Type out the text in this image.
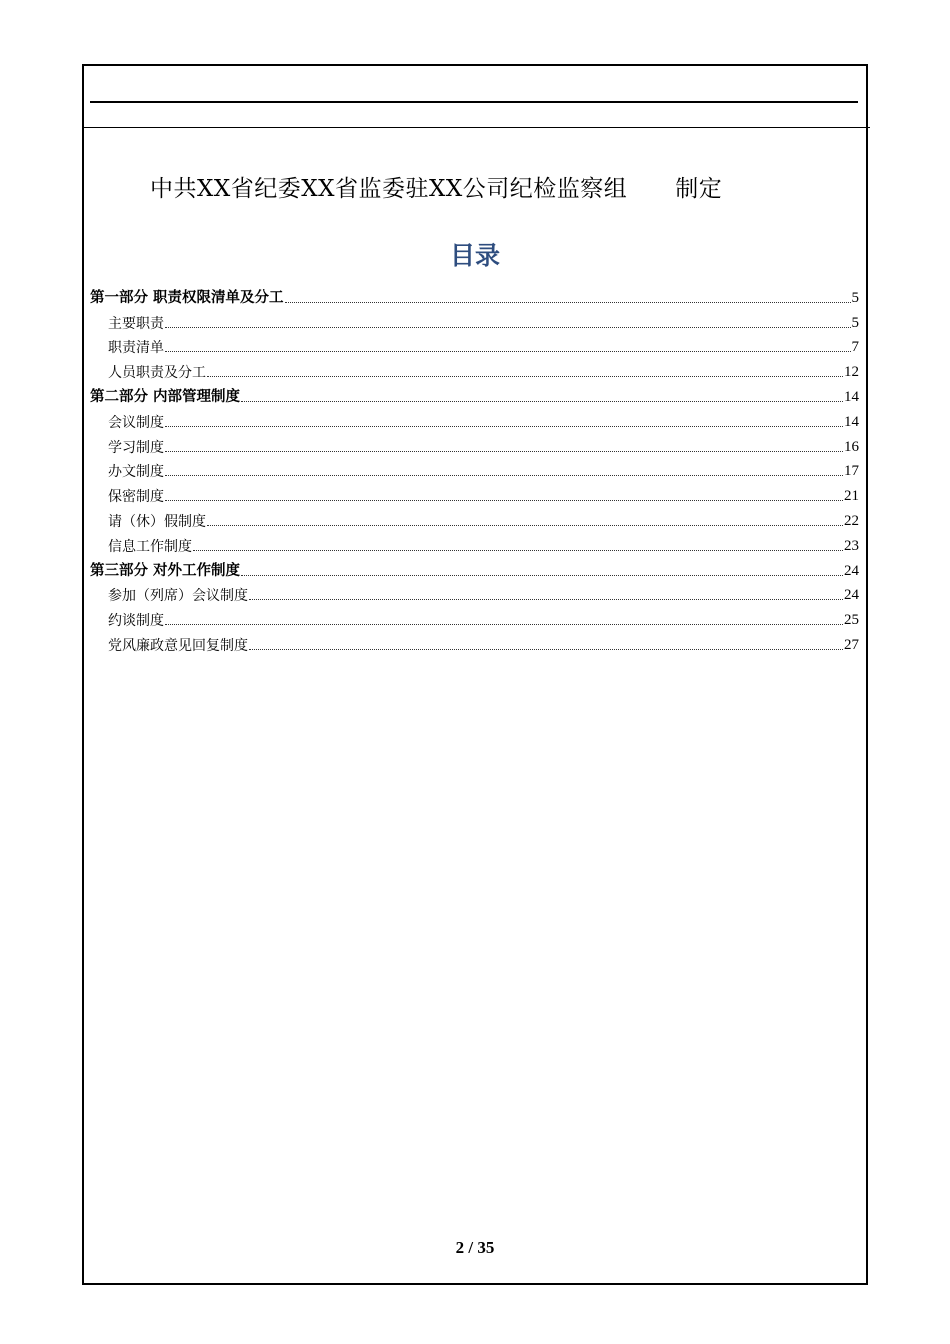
中共XX省纪委XX省监委驻XX公司纪检监察组 制定
目录
第一部分 职责权限清单及分工	5
主要职责	5
职责清单	7
人员职责及分工	12
第二部分 内部管理制度	14
会议制度	14
学习制度	16
办文制度	17
保密制度	21
请（休）假制度	22
信息工作制度	23
第三部分 对外工作制度	24
参加（列席）会议制度	24
约谈制度	25
党风廉政意见回复制度	27
2 / 35
